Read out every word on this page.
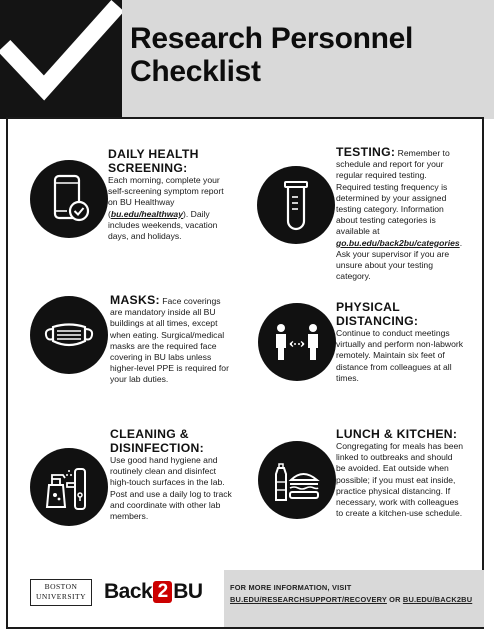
Research Personnel
Checklist
DAILY HEALTH SCREENING:
Each morning, complete your self-screening symptom report on BU Healthway (bu.edu/healthway). Daily includes weekends, vacation days, and holidays.
TESTING: Remember to schedule and report for your regular required testing. Required testing frequency is determined by your assigned testing category. Information about testing categories is available at go.bu.edu/back2bu/categories. Ask your supervisor if you are unsure about your testing category.
MASKS: Face coverings are mandatory inside all BU buildings at all times, except when eating. Surgical/medical masks are the required face covering in BU labs unless higher-level PPE is required for your lab duties.
PHYSICAL DISTANCING:
Continue to conduct meetings virtually and perform non-labwork remotely. Maintain six feet of distance from colleagues at all times.
CLEANING & DISINFECTION:
Use good hand hygiene and routinely clean and disinfect high-touch surfaces in the lab. Post and use a daily log to track and coordinate with other lab members.
LUNCH & KITCHEN:
Congregating for meals has been linked to outbreaks and should be avoided. Eat outside when possible; if you must eat inside, practice physical distancing. If necessary, work with colleagues to create a kitchen-use schedule.
BOSTON
UNIVERSITY Back 2 BU	FOR MORE INFORMATION, VISIT
BU.EDU/RESEARCHSUPPORT/RECOVERY OR BU.EDU/BACK2BU
